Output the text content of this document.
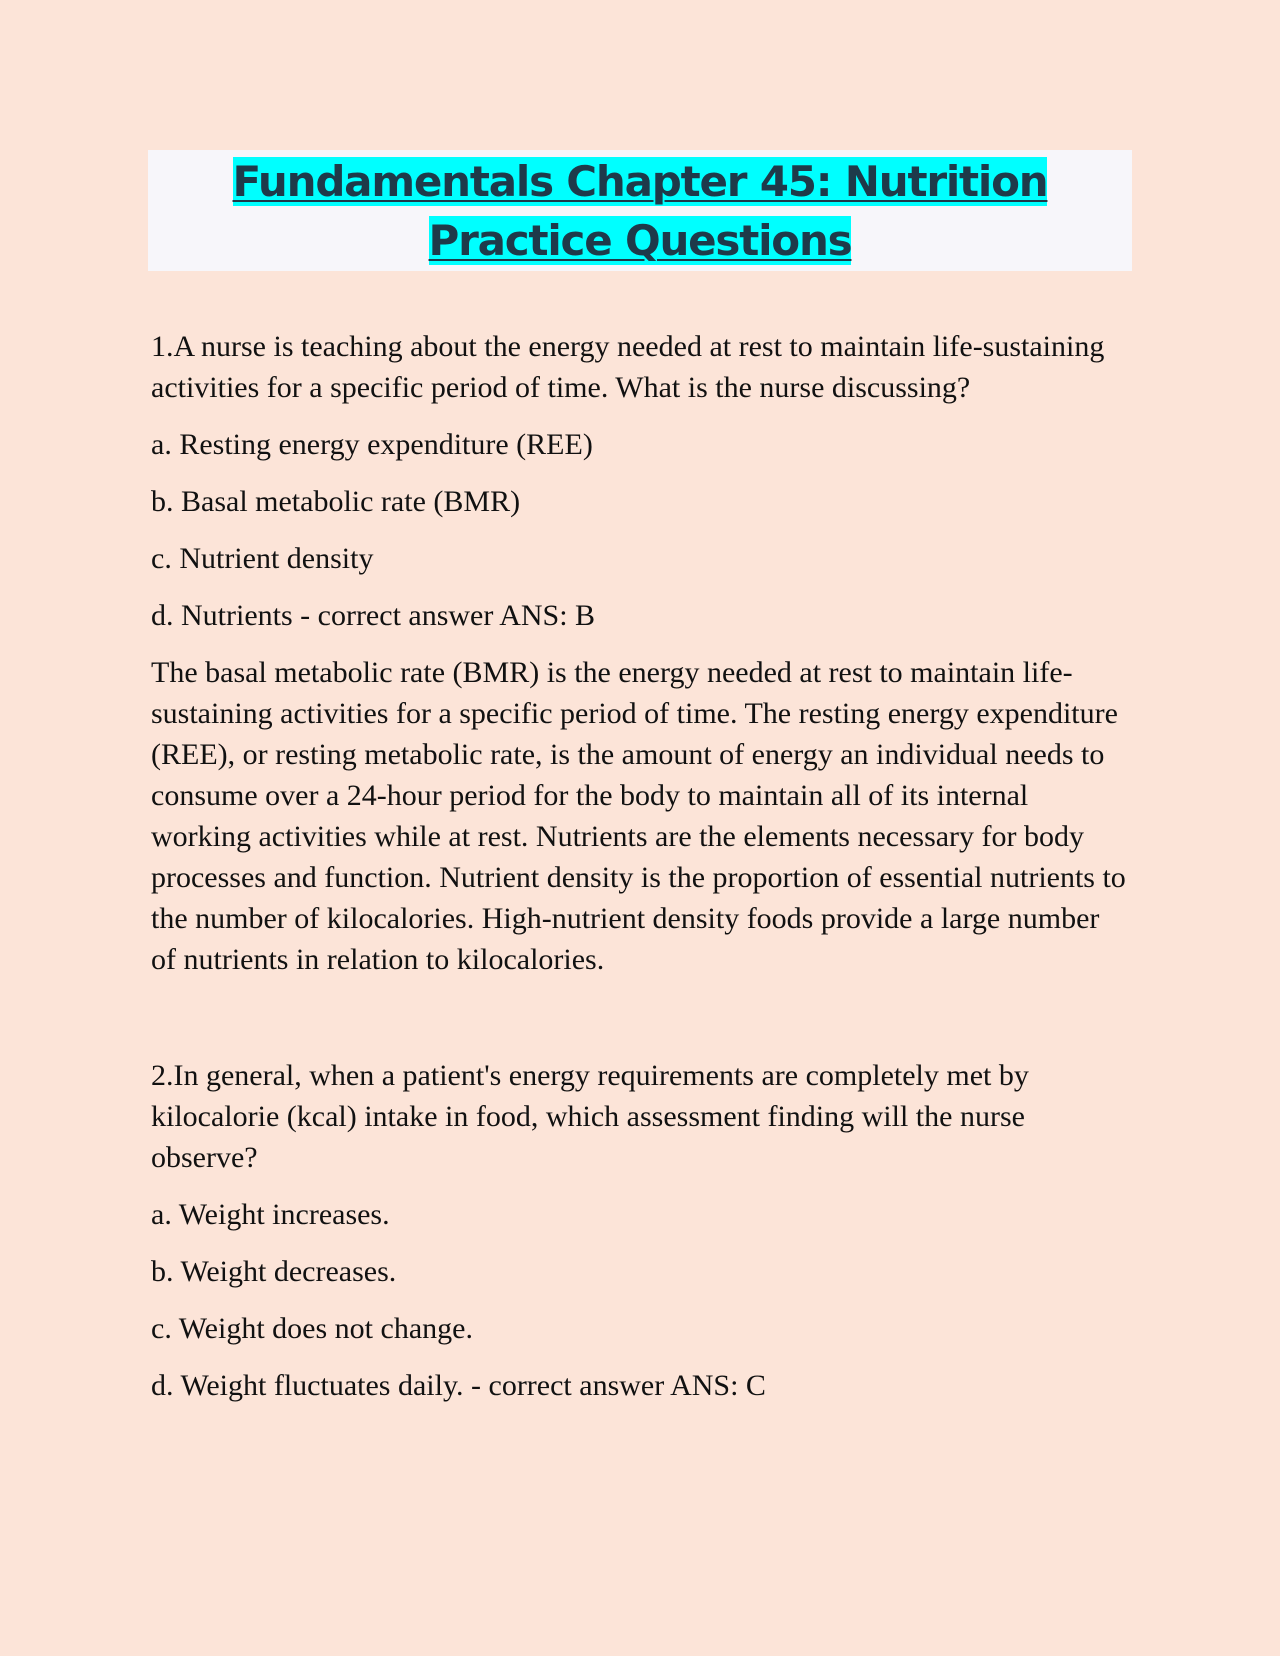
Fundamentals Chapter 45: Nutrition Practice Questions

1.A nurse is teaching about the energy needed at rest to maintain life-sustaining activities for a specific period of time. What is the nurse discussing?

a. Resting energy expenditure (REE)

b. Basal metabolic rate (BMR)

c. Nutrient density

d. Nutrients - correct answer ANS: B

The basal metabolic rate (BMR) is the energy needed at rest to maintain life-sustaining activities for a specific period of time. The resting energy expenditure (REE), or resting metabolic rate, is the amount of energy an individual needs to consume over a 24-hour period for the body to maintain all of its internal working activities while at rest. Nutrients are the elements necessary for body processes and function. Nutrient density is the proportion of essential nutrients to the number of kilocalories. High-nutrient density foods provide a large number of nutrients in relation to kilocalories.

2.In general, when a patient's energy requirements are completely met by kilocalorie (kcal) intake in food, which assessment finding will the nurse observe?

a. Weight increases.

b. Weight decreases.

c. Weight does not change.

d. Weight fluctuates daily. - correct answer ANS: C
